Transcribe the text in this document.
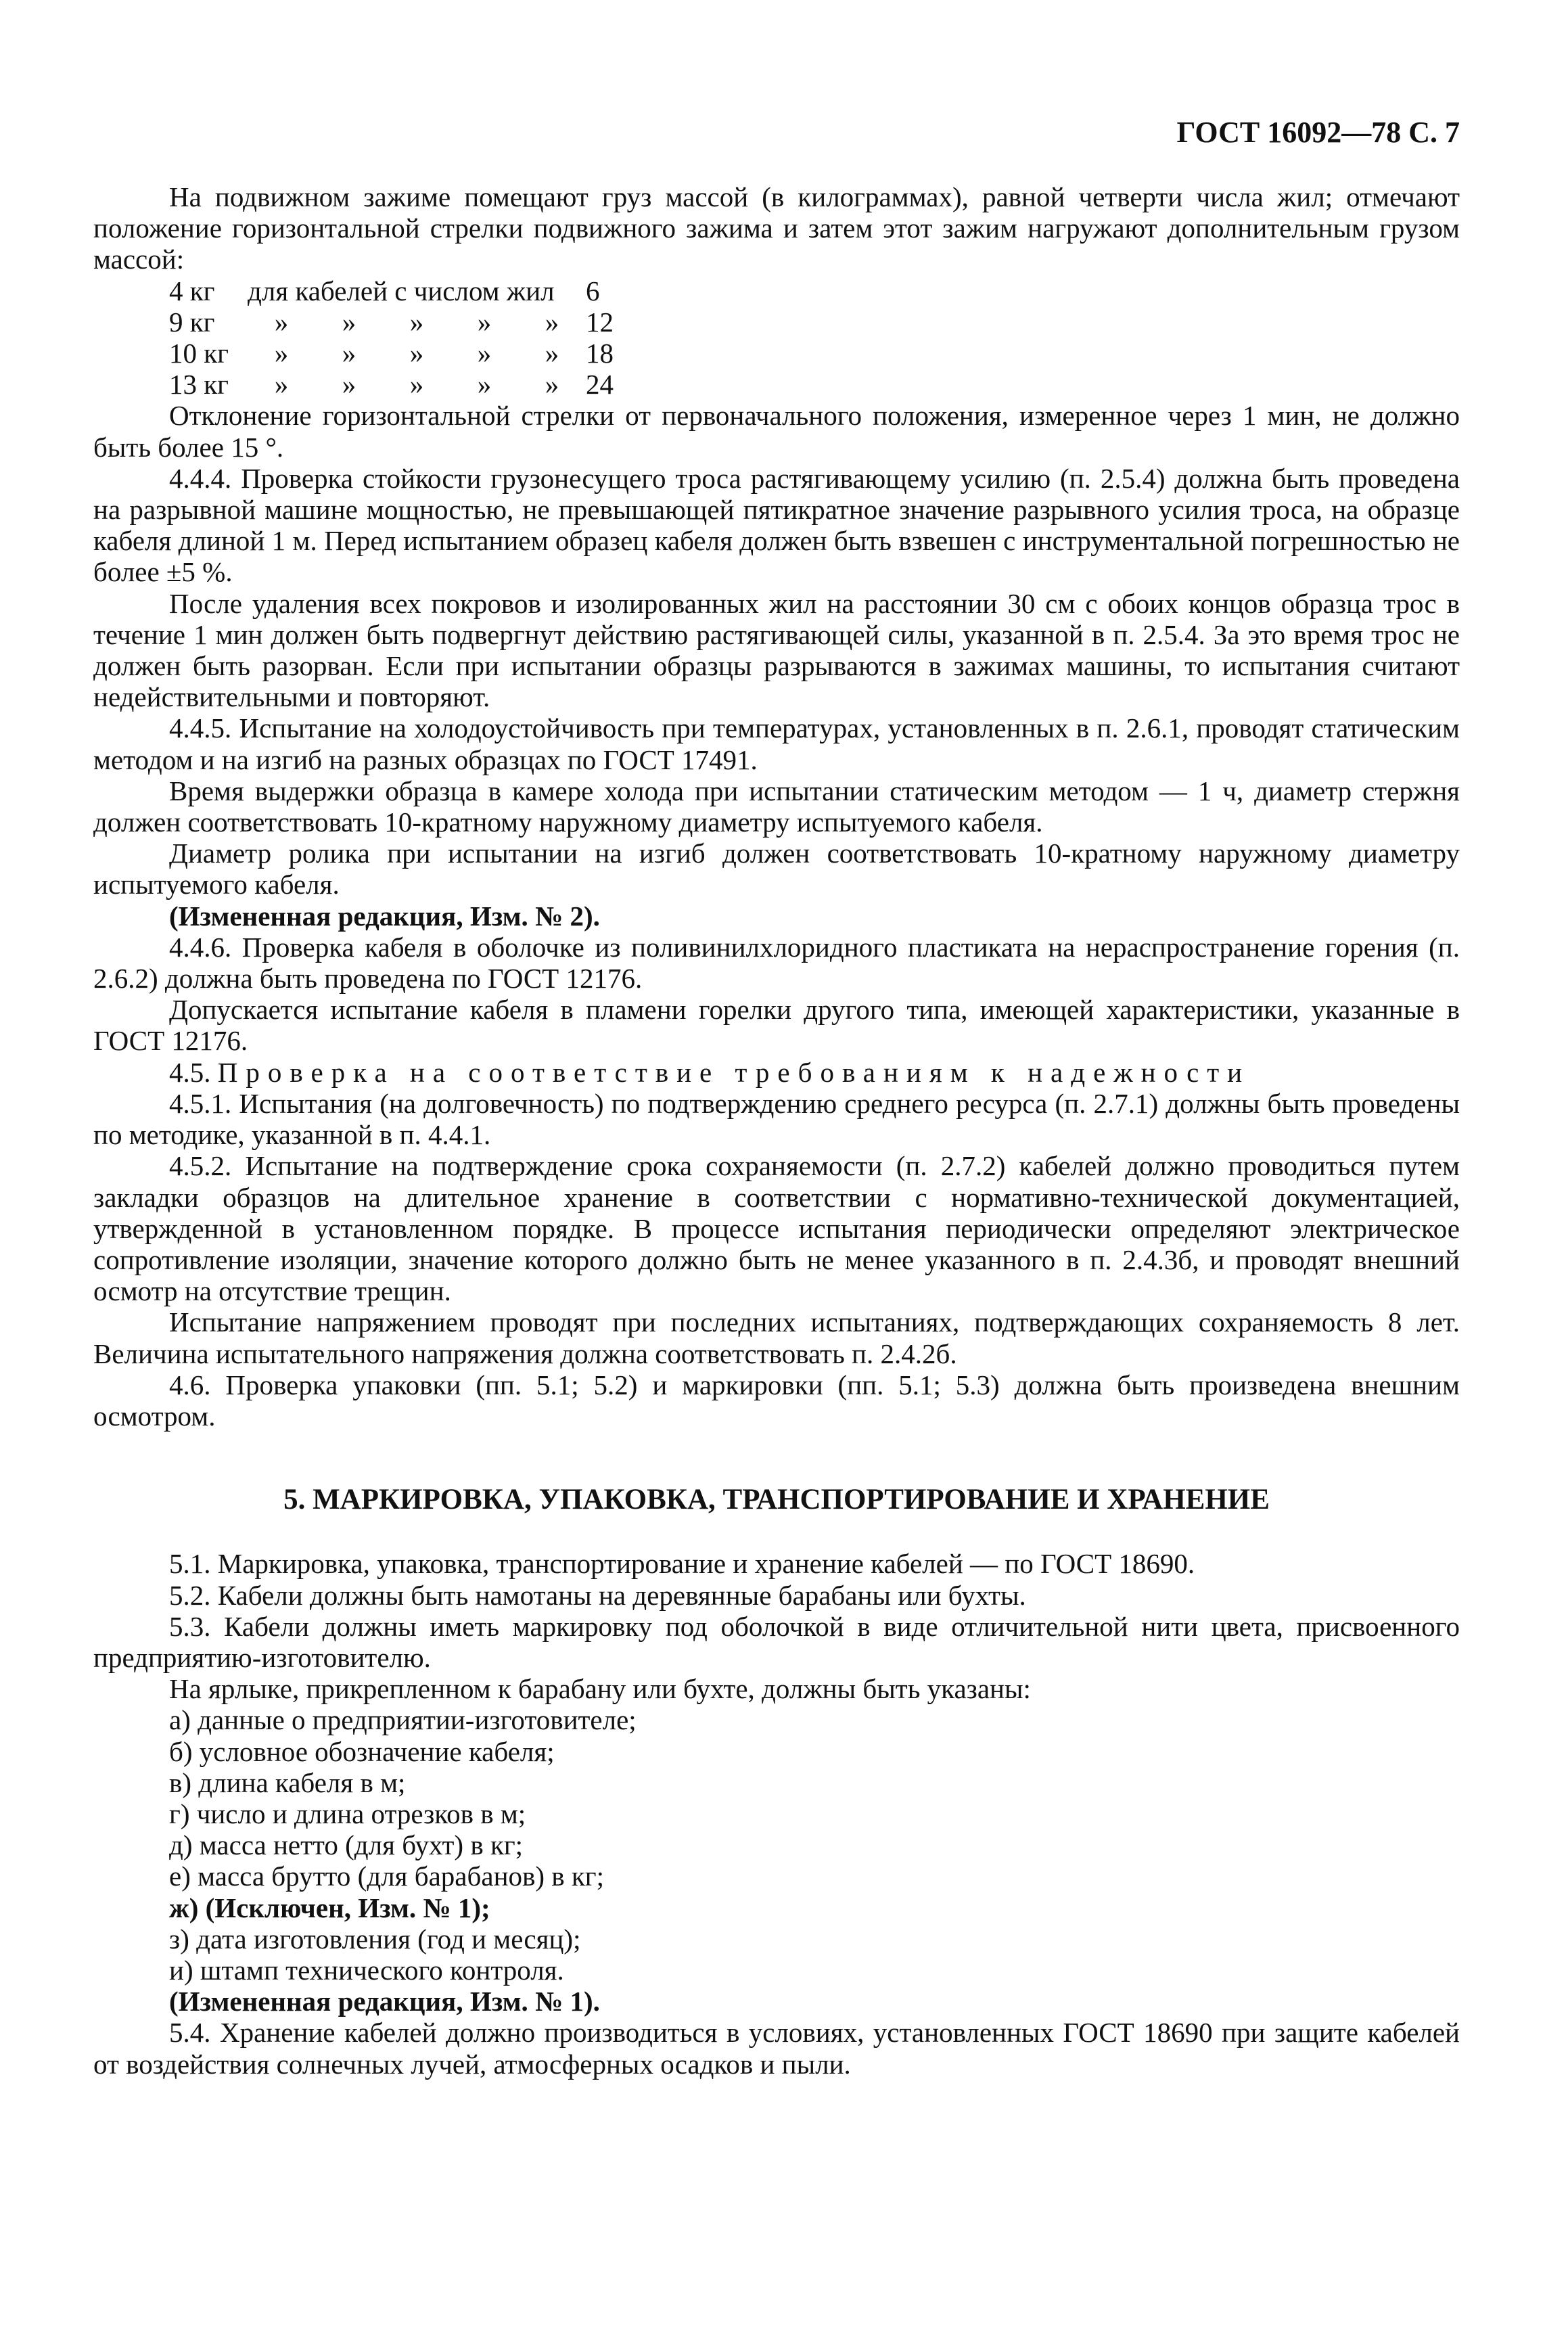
ГОСТ 16092—78 С. 7

На подвижном зажиме помещают груз массой (в килограммах), равной четверти числа жил; отмечают положение горизонтальной стрелки подвижного зажима и затем этот зажим нагружают дополнительным грузом массой:

4 кг	для кабелей с числом жил					6
9 кг	»	»	»	»	»	12
10 кг	»	»	»	»	»	18
13 кг	»	»	»	»	»	24

Отклонение горизонтальной стрелки от первоначального положения, измеренное через 1 мин, не должно быть более 15 °.

4.4.4. Проверка стойкости грузонесущего троса растягивающему усилию (п. 2.5.4) должна быть проведена на разрывной машине мощностью, не превышающей пятикратное значение разрывного усилия троса, на образце кабеля длиной 1 м. Перед испытанием образец кабеля должен быть взвешен с инструментальной погрешностью не более ±5 %.

После удаления всех покровов и изолированных жил на расстоянии 30 см с обоих концов образца трос в течение 1 мин должен быть подвергнут действию растягивающей силы, указанной в п. 2.5.4. За это время трос не должен быть разорван. Если при испытании образцы разрываются в зажимах машины, то испытания считают недействительными и повторяют.

4.4.5. Испытание на холодоустойчивость при температурах, установленных в п. 2.6.1, проводят статическим методом и на изгиб на разных образцах по ГОСТ 17491.

Время выдержки образца в камере холода при испытании статическим методом — 1 ч, диаметр стержня должен соответствовать 10-кратному наружному диаметру испытуемого кабеля.

Диаметр ролика при испытании на изгиб должен соответствовать 10-кратному наружному диаметру испытуемого кабеля.

(Измененная редакция, Изм. № 2).

4.4.6. Проверка кабеля в оболочке из поливинилхлоридного пластиката на нераспространение горения (п. 2.6.2) должна быть проведена по ГОСТ 12176.

Допускается испытание кабеля в пламени горелки другого типа, имеющей характеристики, указанные в ГОСТ 12176.

4.5. Проверка на соответствие требованиям к надежности

4.5.1. Испытания (на долговечность) по подтверждению среднего ресурса (п. 2.7.1) должны быть проведены по методике, указанной в п. 4.4.1.

4.5.2. Испытание на подтверждение срока сохраняемости (п. 2.7.2) кабелей должно проводиться путем закладки образцов на длительное хранение в соответствии с нормативно-технической документацией, утвержденной в установленном порядке. В процессе испытания периодически определяют электрическое сопротивление изоляции, значение которого должно быть не менее указанного в п. 2.4.3б, и проводят внешний осмотр на отсутствие трещин.

Испытание напряжением проводят при последних испытаниях, подтверждающих сохраняемость 8 лет. Величина испытательного напряжения должна соответствовать п. 2.4.2б.

4.6. Проверка упаковки (пп. 5.1; 5.2) и маркировки (пп. 5.1; 5.3) должна быть произведена внешним осмотром.

5. МАРКИРОВКА, УПАКОВКА, ТРАНСПОРТИРОВАНИЕ И ХРАНЕНИЕ

5.1. Маркировка, упаковка, транспортирование и хранение кабелей — по ГОСТ 18690.

5.2. Кабели должны быть намотаны на деревянные барабаны или бухты.

5.3. Кабели должны иметь маркировку под оболочкой в виде отличительной нити цвета, присвоенного предприятию-изготовителю.

На ярлыке, прикрепленном к барабану или бухте, должны быть указаны:

а) данные о предприятии-изготовителе;
б) условное обозначение кабеля;
в) длина кабеля в м;
г) число и длина отрезков в м;
д) масса нетто (для бухт) в кг;
е) масса брутто (для барабанов) в кг;
ж) (Исключен, Изм. № 1);
з) дата изготовления (год и месяц);
и) штамп технического контроля.

(Измененная редакция, Изм. № 1).

5.4. Хранение кабелей должно производиться в условиях, установленных ГОСТ 18690 при защите кабелей от воздействия солнечных лучей, атмосферных осадков и пыли.
